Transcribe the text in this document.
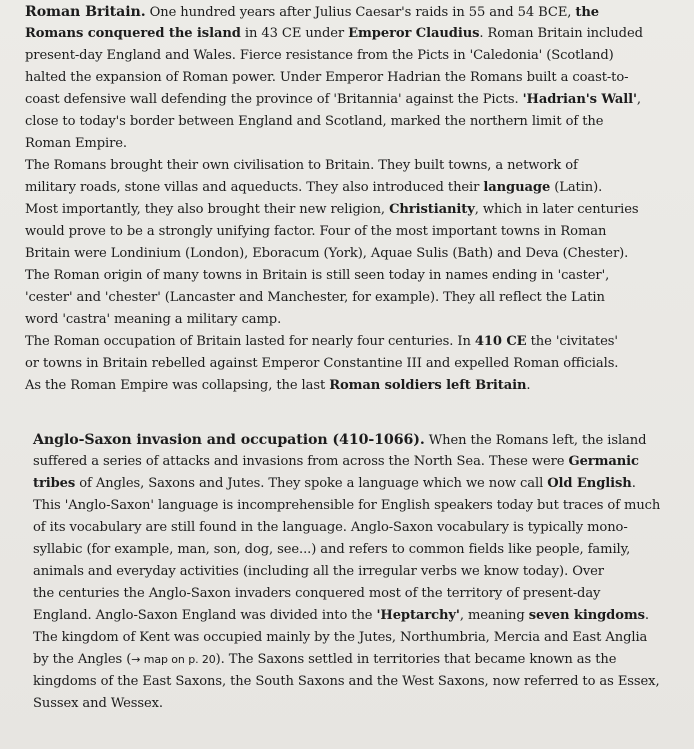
Roman Britain. One hundred years after Julius Caesar's raids in 55 and 54 BCE, the
Romans conquered the island in 43 CE under Emperor Claudius. Roman Britain included
present-day England and Wales. Fierce resistance from the Picts in 'Caledonia' (Scotland)
halted the expansion of Roman power. Under Emperor Hadrian the Romans built a coast-to-
coast defensive wall defending the province of 'Britannia' against the Picts. 'Hadrian's Wall',
close to today's border between England and Scotland, marked the northern limit of the
Roman Empire.
The Romans brought their own civilisation to Britain. They built towns, a network of
military roads, stone villas and aqueducts. They also introduced their language (Latin).
Most importantly, they also brought their new religion, Christianity, which in later centuries
would prove to be a strongly unifying factor. Four of the most important towns in Roman
Britain were Londinium (London), Eboracum (York), Aquae Sulis (Bath) and Deva (Chester).
The Roman origin of many towns in Britain is still seen today in names ending in 'caster',
'cester' and 'chester' (Lancaster and Manchester, for example). They all reflect the Latin
word 'castra' meaning a military camp.
The Roman occupation of Britain lasted for nearly four centuries. In 410 CE the 'civitates'
or towns in Britain rebelled against Emperor Constantine III and expelled Roman officials.
As the Roman Empire was collapsing, the last Roman soldiers left Britain.
Anglo-Saxon invasion and occupation (410-1066). When the Romans left, the island
suffered a series of attacks and invasions from across the North Sea. These were Germanic
tribes of Angles, Saxons and Jutes. They spoke a language which we now call Old English.
This 'Anglo-Saxon' language is incomprehensible for English speakers today but traces of much
of its vocabulary are still found in the language. Anglo-Saxon vocabulary is typically mono-
syllabic (for example, man, son, dog, see...) and refers to common fields like people, family,
animals and everyday activities (including all the irregular verbs we know today). Over
the centuries the Anglo-Saxon invaders conquered most of the territory of present-day
England. Anglo-Saxon England was divided into the 'Heptarchy', meaning seven kingdoms.
The kingdom of Kent was occupied mainly by the Jutes, Northumbria, Mercia and East Anglia
by the Angles (→ map on p. 20). The Saxons settled in territories that became known as the
kingdoms of the East Saxons, the South Saxons and the West Saxons, now referred to as Essex,
Sussex and Wessex.
